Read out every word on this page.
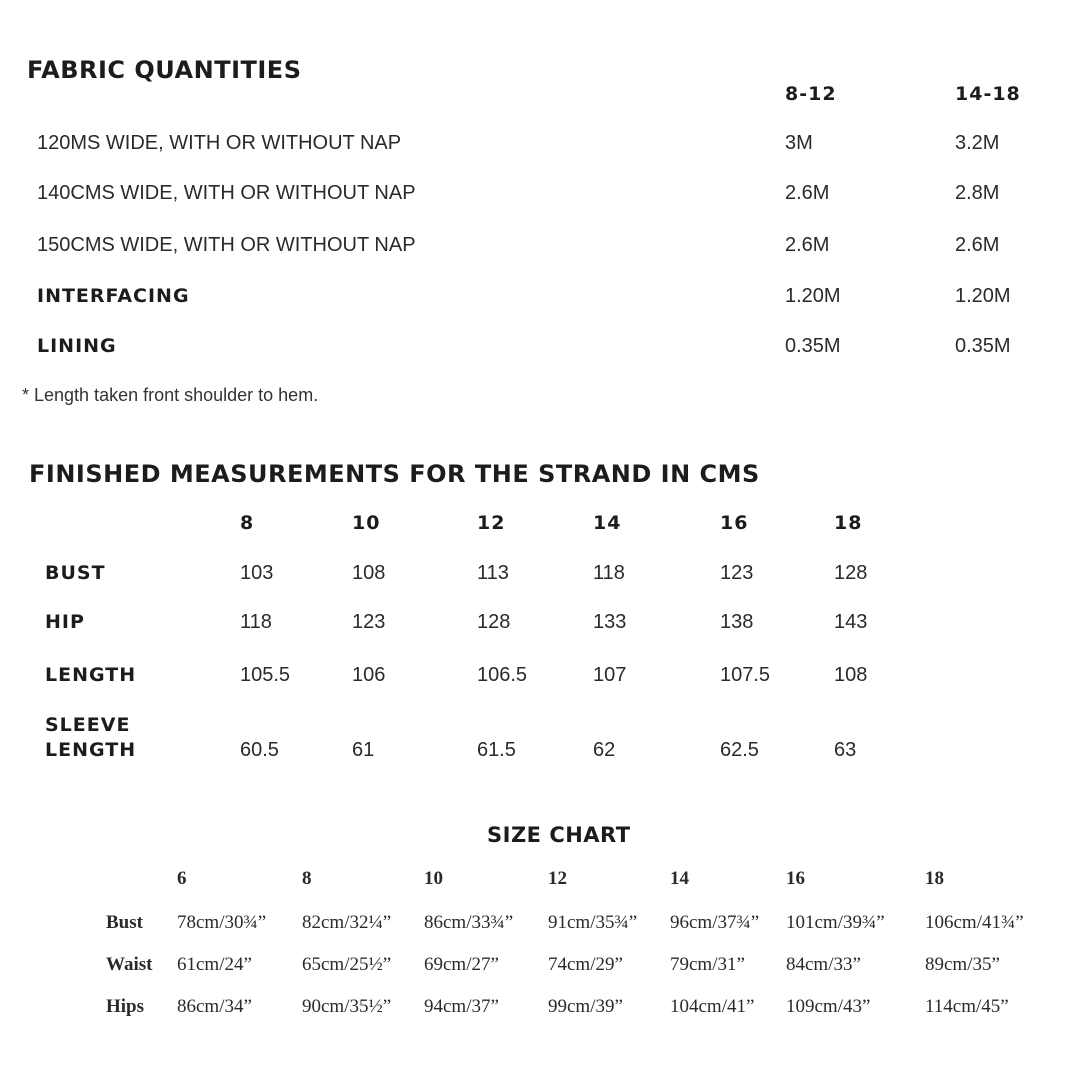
FABRIC QUANTITIES
8-12	14-18
120MS WIDE, WITH OR WITHOUT NAP	3M	3.2M
140CMS WIDE, WITH OR WITHOUT NAP	2.6M	2.8M
150CMS WIDE, WITH OR WITHOUT NAP	2.6M	2.6M
INTERFACING	1.20M	1.20M
LINING	0.35M	0.35M
* Length taken front shoulder to hem.
FINISHED MEASUREMENTS FOR THE STRAND IN CMS
8	10	12	14	16	18
BUST	103	108	113	118	123	128
HIP	118	123	128	133	138	143
LENGTH	105.5	106	106.5	107	107.5	108
SLEEVE
LENGTH	60.5	61	61.5	62	62.5	63
SIZE CHART
6	8	10	12	14	16	18
Bust 78cm/30¾” 82cm/32¼” 86cm/33¾” 91cm/35¾” 96cm/37¾” 101cm/39¾” 106cm/41¾”
Waist 61cm/24”	65cm/25½” 69cm/27”	74cm/29” 79cm/31” 84cm/33”	89cm/35”
Hips 86cm/34”	90cm/35½” 94cm/37”	99cm/39” 104cm/41” 109cm/43”	114cm/45”
